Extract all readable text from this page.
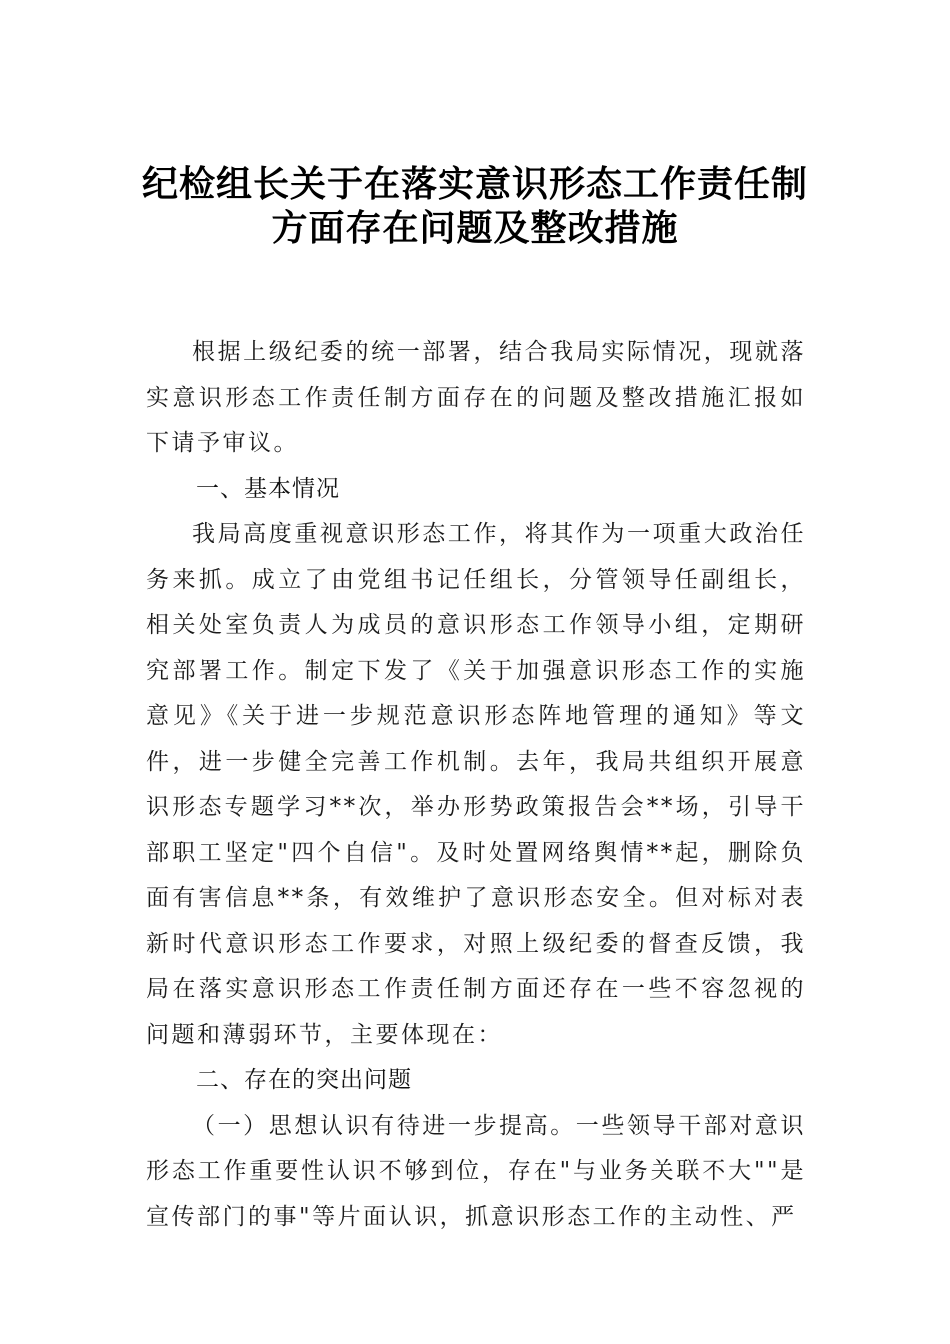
纪检组长关于在落实意识形态工作责任制
方面存在问题及整改措施

根据上级纪委的统一部署，结合我局实际情况，现就落实意识形态工作责任制方面存在的问题及整改措施汇报如下请予审议。

一、基本情况

我局高度重视意识形态工作，将其作为一项重大政治任务来抓。成立了由党组书记任组长，分管领导任副组长，相关处室负责人为成员的意识形态工作领导小组，定期研究部署工作。制定下发了《关于加强意识形态工作的实施意见》《关于进一步规范意识形态阵地管理的通知》等文件，进一步健全完善工作机制。去年，我局共组织开展意识形态专题学习**次，举办形势政策报告会**场，引导干部职工坚定"四个自信"。及时处置网络舆情**起，删除负面有害信息**条，有效维护了意识形态安全。但对标对表新时代意识形态工作要求，对照上级纪委的督查反馈，我局在落实意识形态工作责任制方面还存在一些不容忽视的问题和薄弱环节，主要体现在：

二、存在的突出问题

（一）思想认识有待进一步提高。一些领导干部对意识形态工作重要性认识不够到位，存在"与业务关联不大""是宣传部门的事"等片面认识，抓意识形态工作的主动性、严
